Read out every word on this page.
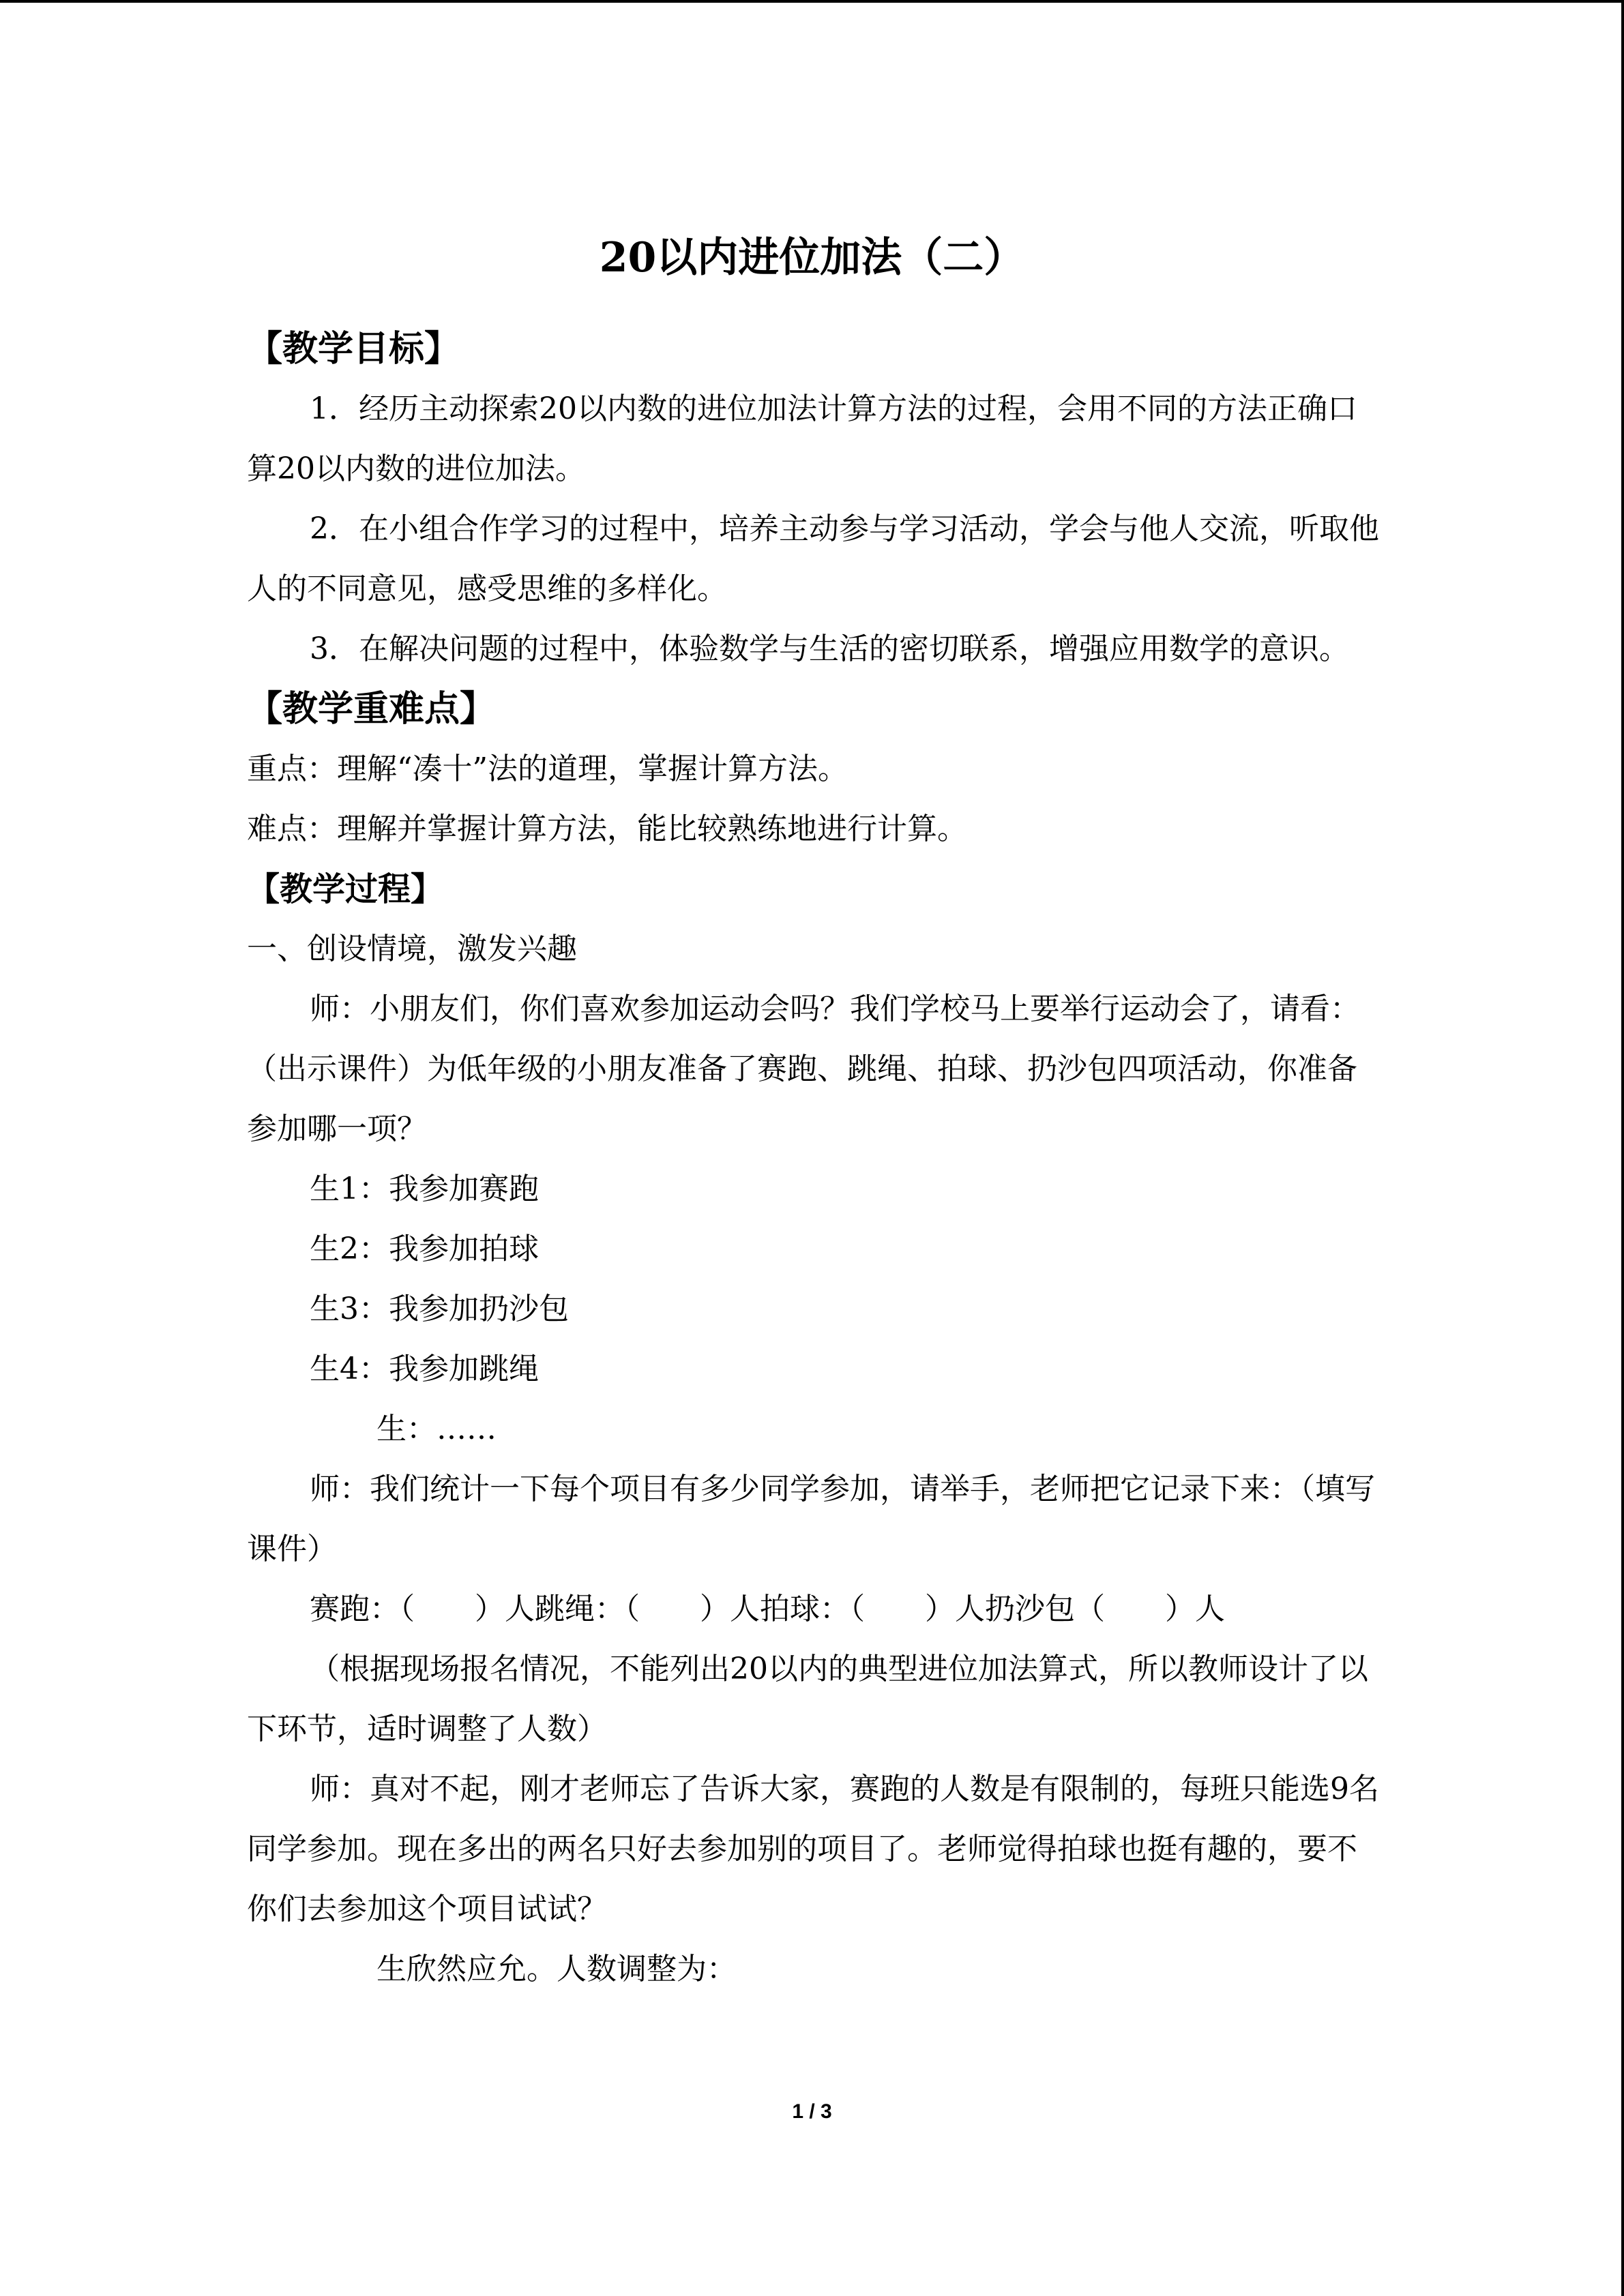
20以内进位加法（二）

【教学目标】

1．经历主动探索20以内数的进位加法计算方法的过程，会用不同的方法正确口算20以内数的进位加法。

2．在小组合作学习的过程中，培养主动参与学习活动，学会与他人交流，听取他人的不同意见，感受思维的多样化。

3．在解决问题的过程中，体验数学与生活的密切联系，增强应用数学的意识。

【教学重难点】

重点：理解“凑十”法的道理，掌握计算方法。

难点：理解并掌握计算方法，能比较熟练地进行计算。

【教学过程】

一、创设情境，激发兴趣

师：小朋友们，你们喜欢参加运动会吗？我们学校马上要举行运动会了，请看：（出示课件）为低年级的小朋友准备了赛跑、跳绳、拍球、扔沙包四项活动，你准备参加哪一项？

生1：我参加赛跑

生2：我参加拍球

生3：我参加扔沙包

生4：我参加跳绳

生：……

师：我们统计一下每个项目有多少同学参加，请举手，老师把它记录下来：（填写课件）

赛跑：（　　）人跳绳：（　　）人拍球：（　　）人扔沙包（　　）人

（根据现场报名情况，不能列出20以内的典型进位加法算式，所以教师设计了以下环节，适时调整了人数）

师：真对不起，刚才老师忘了告诉大家，赛跑的人数是有限制的，每班只能选9名同学参加。现在多出的两名只好去参加别的项目了。老师觉得拍球也挺有趣的，要不你们去参加这个项目试试？

生欣然应允。人数调整为：

1 / 3
